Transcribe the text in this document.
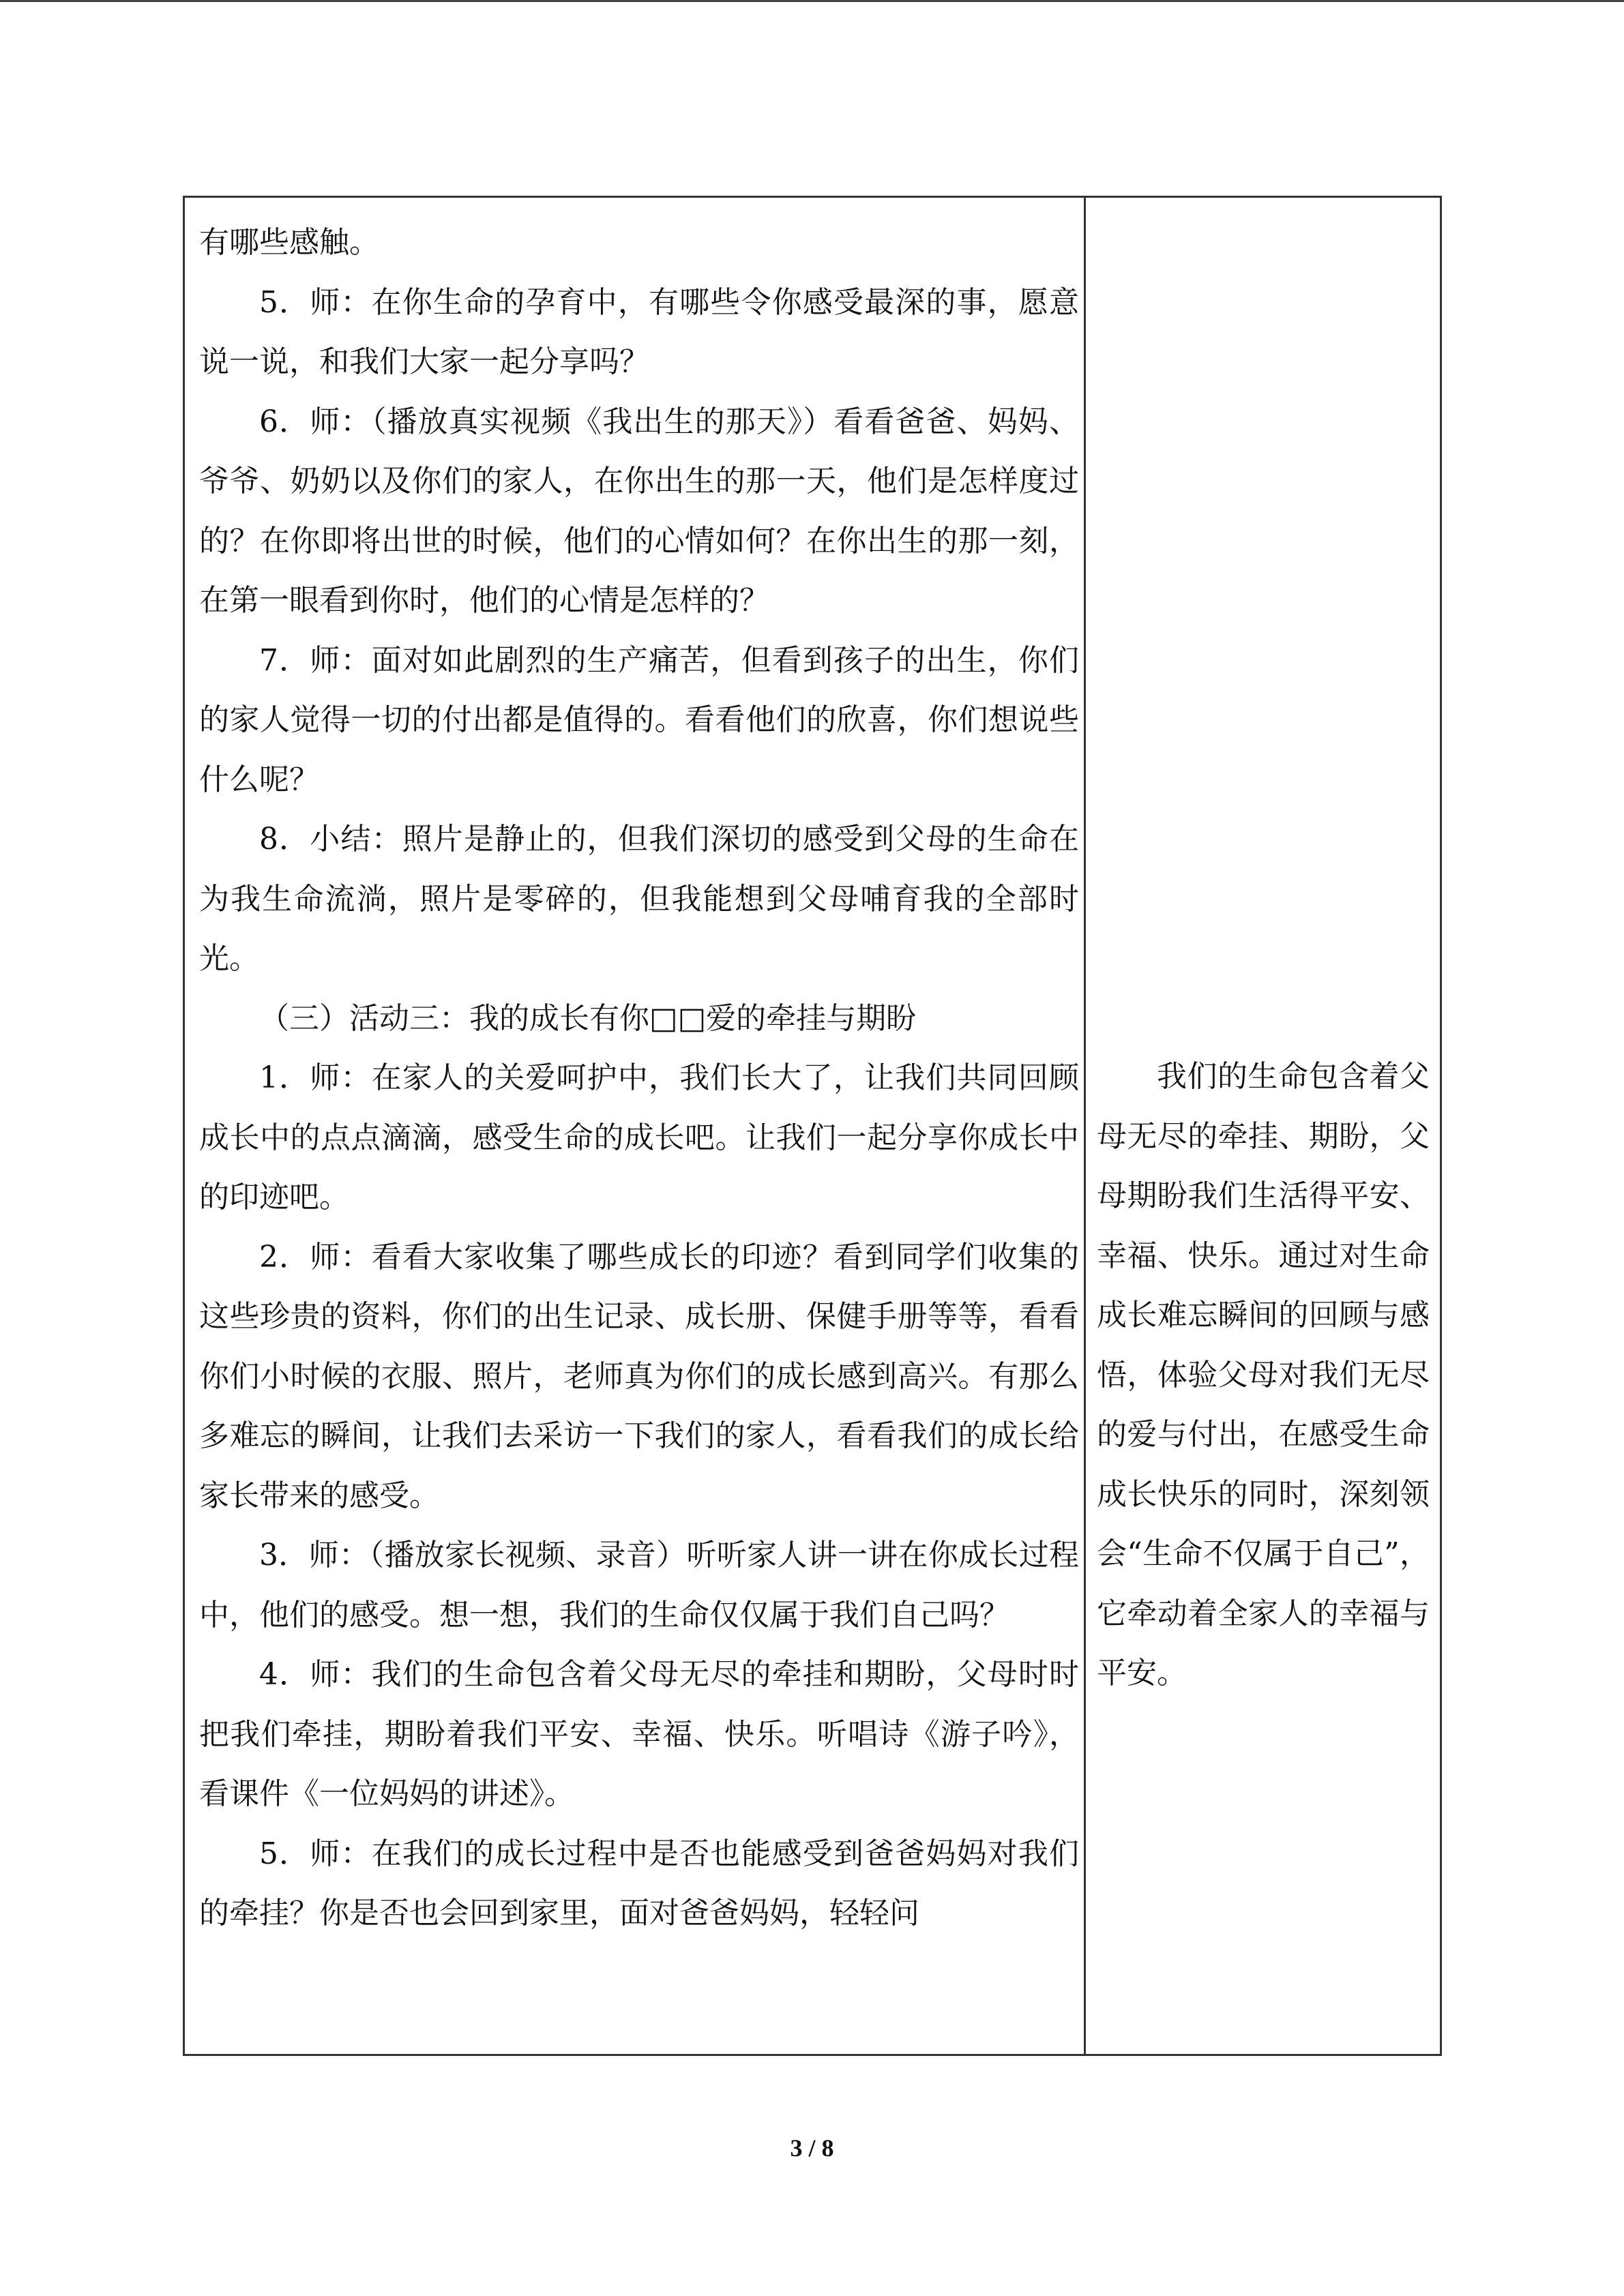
有哪些感触。

5．师：在你生命的孕育中，有哪些令你感受最深的事，愿意说一说，和我们大家一起分享吗？

6．师：（播放真实视频《我出生的那天》）看看爸爸、妈妈、爷爷、奶奶以及你们的家人，在你出生的那一天，他们是怎样度过的？在你即将出世的时候，他们的心情如何？在你出生的那一刻，在第一眼看到你时，他们的心情是怎样的？

7．师：面对如此剧烈的生产痛苦，但看到孩子的出生，你们的家人觉得一切的付出都是值得的。看看他们的欣喜，你们想说些什么呢？

8．小结：照片是静止的，但我们深切的感受到父母的生命在为我生命流淌，照片是零碎的，但我能想到父母哺育我的全部时光。

（三）活动三：我的成长有你□□爱的牵挂与期盼

1．师：在家人的关爱呵护中，我们长大了，让我们共同回顾成长中的点点滴滴，感受生命的成长吧。让我们一起分享你成长中的印迹吧。

2．师：看看大家收集了哪些成长的印迹？看到同学们收集的这些珍贵的资料，你们的出生记录、成长册、保健手册等等，看看你们小时候的衣服、照片，老师真为你们的成长感到高兴。有那么多难忘的瞬间，让我们去采访一下我们的家人，看看我们的成长给家长带来的感受。

3．师：（播放家长视频、录音）听听家人讲一讲在你成长过程中，他们的感受。想一想，我们的生命仅仅属于我们自己吗？

4．师：我们的生命包含着父母无尽的牵挂和期盼，父母时时把我们牵挂，期盼着我们平安、幸福、快乐。听唱诗《游子吟》，看课件《一位妈妈的讲述》。

5．师：在我们的成长过程中是否也能感受到爸爸妈妈对我们的牵挂？你是否也会回到家里，面对爸爸妈妈，轻轻问

我们的生命包含着父母无尽的牵挂、期盼，父母期盼我们生活得平安、幸福、快乐。通过对生命成长难忘瞬间的回顾与感悟，体验父母对我们无尽的爱与付出，在感受生命成长快乐的同时，深刻领会“生命不仅属于自己”，它牵动着全家人的幸福与平安。

3 / 8
